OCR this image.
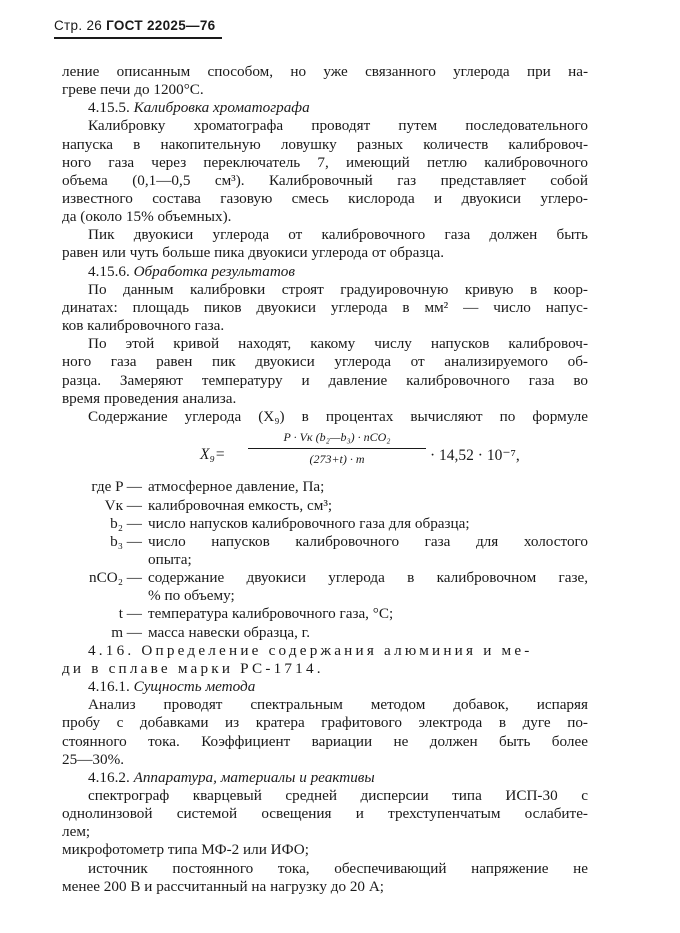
Стр. 26 ГОСТ 22025—76
ление описанным способом, но уже связанного углерода при на-
греве печи до 1200°С.
4.15.5. Калибровка хроматографа
Калибровку хроматографа проводят путем последовательного
напуска в накопительную ловушку разных количеств калибровоч-
ного газа через переключатель 7, имеющий петлю калибровочного
объема (0,1—0,5 см³). Калибровочный газ представляет собой
известного состава газовую смесь кислорода и двуокиси углеро-
да (около 15% объемных).
Пик двуокиси углерода от калибровочного газа должен быть
равен или чуть больше пика двуокиси углерода от образца.
4.15.6. Обработка результатов
По данным калибровки строят градуировочную кривую в коор-
динатах: площадь пиков двуокиси углерода в мм² — число напус-
ков калибровочного газа.
По этой кривой находят, какому числу напусков калибровоч-
ного газа равен пик двуокиси углерода от анализируемого об-
разца. Замеряют температуру и давление калибровочного газа во
время проведения анализа.
Содержание углерода (X₉) в процентах вычисляют по формуле
X₉=
P · Vк (b₂—b₃) · nCO₂
(273+t) · m	· 14,52 · 10⁻⁷,
где P — атмосферное давление, Па;
Vк — калибровочная емкость, см³;
b₂ — число напусков калибровочного газа для образца;
b₃ — число напусков калибровочного газа для холостого
опыта;
nCO₂ — содержание двуокиси углерода в калибровочном газе,
% по объему;
t — температура калибровочного газа, °С;
m — масса навески образца, г.
4.16. Определение содержания алюминия и ме-
ди в сплаве марки РС-1714.
4.16.1. Сущность метода
Анализ проводят спектральным методом добавок, испаряя
пробу с добавками из кратера графитового электрода в дуге по-
стоянного тока. Коэффициент вариации не должен быть более
25—30%.
4.16.2. Аппаратура, материалы и реактивы
спектрограф кварцевый средней дисперсии типа ИСП-30 с
однолинзовой системой освещения и трехступенчатым ослабите-
лем;
микрофотометр типа МФ-2 или ИФО;
источник постоянного тока, обеспечивающий напряжение не
менее 200 В и рассчитанный на нагрузку до 20 А;
